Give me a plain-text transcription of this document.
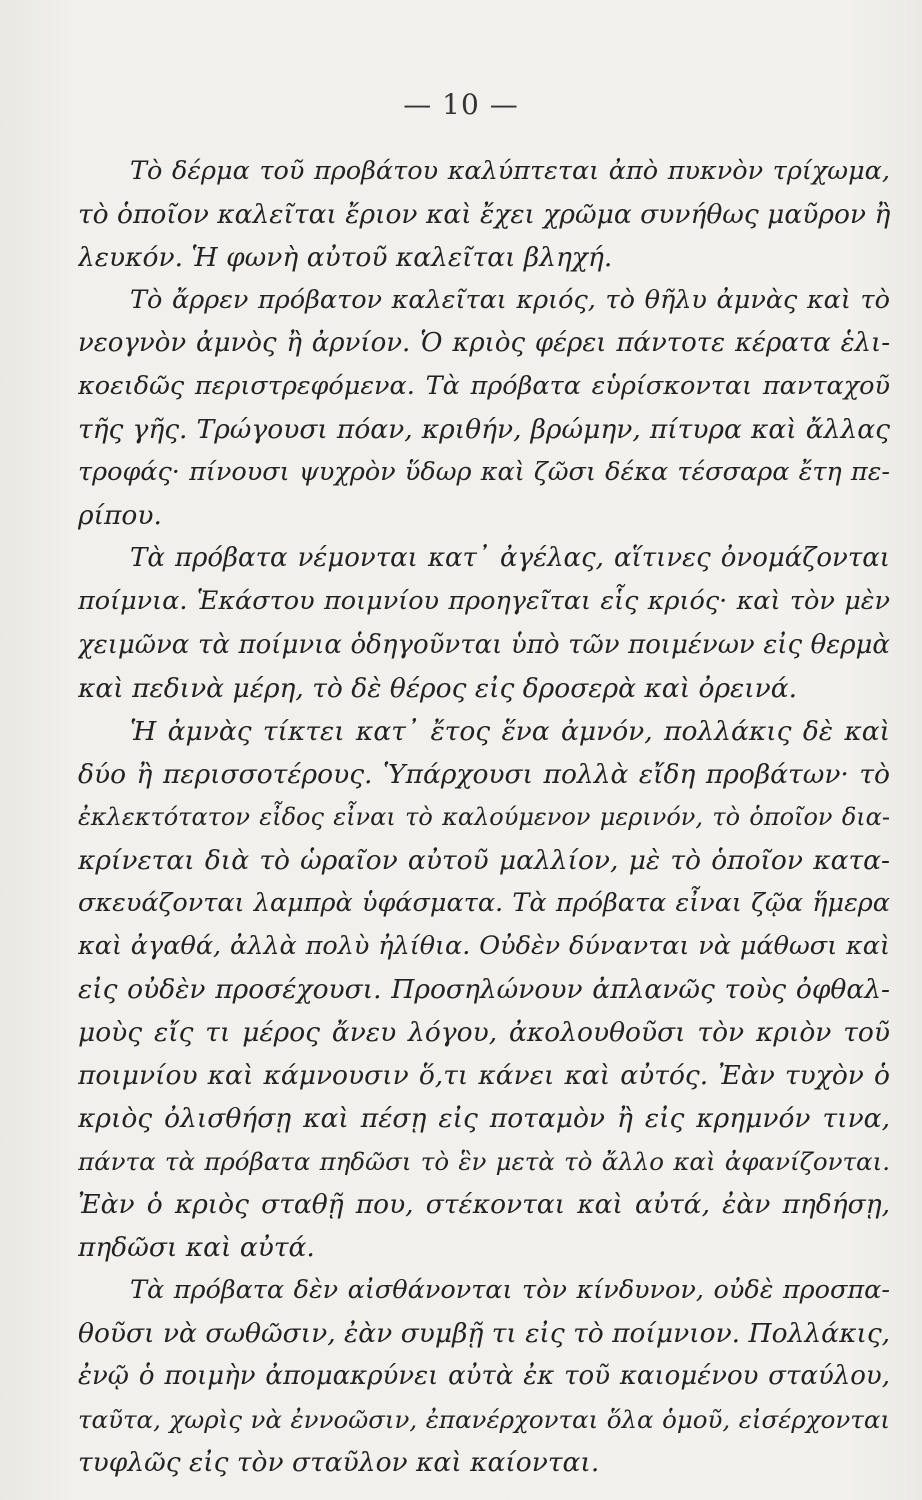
— 10 —
Τὸ δέρμα τοῦ προβάτου καλύπτεται ἀπὸ πυκνὸν τρίχωμα,
τὸ ὁποῖον καλεῖται ἔριον καὶ ἔχει χρῶμα συνήθως μαῦρον ἢ
λευκόν. Ἡ φωνὴ αὐτοῦ καλεῖται βληχή.
Τὸ ἄρρεν πρόβατον καλεῖται κριός, τὸ θῆλυ ἀμνὰς καὶ τὸ
νεογνὸν ἀμνὸς ἢ ἀρνίον. Ὁ κριὸς φέρει πάντοτε κέρατα ἑλι-
κοειδῶς περιστρεφόμενα. Τὰ πρόβατα εὑρίσκονται πανταχοῦ
τῆς γῆς. Τρώγουσι πόαν, κριθήν, βρώμην, πίτυρα καὶ ἄλλας
τροφάς· πίνουσι ψυχρὸν ὕδωρ καὶ ζῶσι δέκα τέσσαρα ἔτη πε-
ρίπου.
Τὰ πρόβατα νέμονται κατ᾿ ἀγέλας, αἵτινες ὀνομάζονται
ποίμνια. Ἑκάστου ποιμνίου προηγεῖται εἷς κριός· καὶ τὸν μὲν
χειμῶνα τὰ ποίμνια ὁδηγοῦνται ὑπὸ τῶν ποιμένων εἰς θερμὰ
καὶ πεδινὰ μέρη, τὸ δὲ θέρος εἰς δροσερὰ καὶ ὀρεινά.
Ἡ ἀμνὰς τίκτει κατ᾿ ἔτος ἕνα ἀμνόν, πολλάκις δὲ καὶ
δύο ἢ περισσοτέρους. Ὑπάρχουσι πολλὰ εἴδη προβάτων· τὸ
ἐκλεκτότατον εἶδος εἶναι τὸ καλούμενον μερινόν, τὸ ὁποῖον δια-
κρίνεται διὰ τὸ ὡραῖον αὐτοῦ μαλλίον, μὲ τὸ ὁποῖον κατα-
σκευάζονται λαμπρὰ ὑφάσματα. Τὰ πρόβατα εἶναι ζῷα ἥμερα
καὶ ἀγαθά, ἀλλὰ πολὺ ἠλίθια. Οὐδὲν δύνανται νὰ μάθωσι καὶ
εἰς οὐδὲν προσέχουσι. Προσηλώνουν ἀπλανῶς τοὺς ὀφθαλ-
μοὺς εἴς τι μέρος ἄνευ λόγου, ἀκολουθοῦσι τὸν κριὸν τοῦ
ποιμνίου καὶ κάμνουσιν ὅ,τι κάνει καὶ αὐτός. Ἐὰν τυχὸν ὁ
κριὸς ὀλισθήσῃ καὶ πέσῃ εἰς ποταμὸν ἢ εἰς κρημνόν τινα,
πάντα τὰ πρόβατα πηδῶσι τὸ ἓν μετὰ τὸ ἄλλο καὶ ἀφανίζονται.
Ἐὰν ὁ κριὸς σταθῇ που, στέκονται καὶ αὐτά, ἐὰν πηδήσῃ,
πηδῶσι καὶ αὐτά.
Τὰ πρόβατα δὲν αἰσθάνονται τὸν κίνδυνον, οὐδὲ προσπα-
θοῦσι νὰ σωθῶσιν, ἐὰν συμβῇ τι εἰς τὸ ποίμνιον. Πολλάκις,
ἐνῷ ὁ ποιμὴν ἀπομακρύνει αὐτὰ ἐκ τοῦ καιομένου σταύλου,
ταῦτα, χωρὶς νὰ ἐννοῶσιν, ἐπανέρχονται ὅλα ὁμοῦ, εἰσέρχονται
τυφλῶς εἰς τὸν σταῦλον καὶ καίονται.
